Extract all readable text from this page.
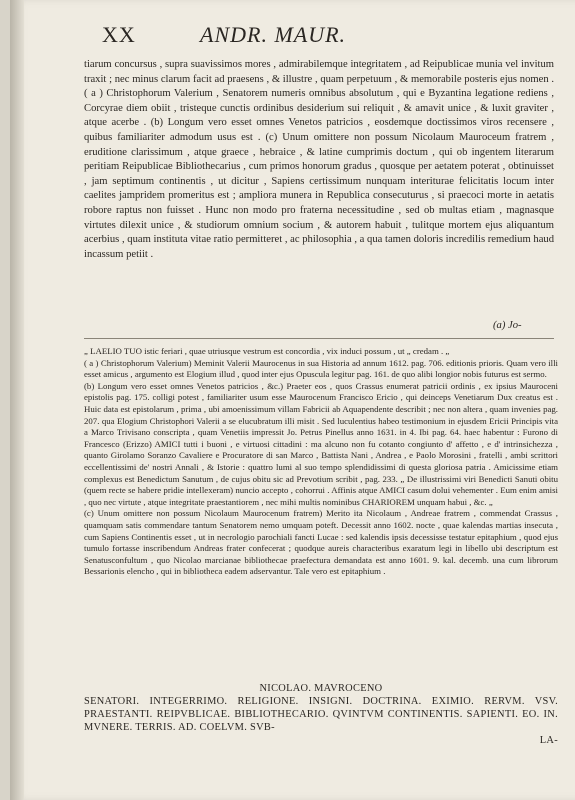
XX	ANDR. MAUR.

tiarum concursus , supra suavissimos mores , admirabilemque integritatem , ad Reipublicae munia vel invitum traxit ; nec minus clarum facit ad praesens , & illustre , quam perpetuum , & memorabile posteris ejus nomen . ( a ) Christophorum Valerium , Senatorem numeris omnibus absolutum , qui e Byzantina legatione rediens , Corcyrae diem obiit , tristeque cunctis ordinibus desiderium sui reliquit , & amavit unice , & luxit graviter , atque acerbe . (b) Longum vero esset omnes Venetos patricios , eosdemque doctissimos viros recensere , quibus familiariter admodum usus est . (c) Unum omittere non possum Nicolaum Mauroceum fratrem , eruditione clarissimum , atque graece , hebraice , & latine cumprimis doctum , qui ob ingentem literarum peritiam Reipublicae Bibliothecarius , cum primos honorum gradus , quosque per aetatem poterat , obtinuisset , jam septimum continentis , ut dicitur , Sapiens certissimum nunquam interiturae felicitatis locum inter caelites jampridem promeritus est ; ampliora munera in Republica consecuturus , si praecoci morte in aetatis robore raptus non fuisset . Hunc non modo pro fraterna necessitudine , sed ob multas etiam , magnasque virtutes dilexit unice , & studiorum omnium socium , & autorem habuit , tulitque mortem ejus aliquantum acerbius , quam instituta vitae ratio permitteret , ac philosophia , a qua tamen doloris incredilis remedium haud incassum petiit .

(a) Jo-

„ LAELIO TUO istic feriari , quae utriusque vestrum est concordia , vix induci possum , ut „ credam . „

( a ) Christophorum Valerium) Meminit Valerii Maurocenus in sua Historia ad annum 1612. pag. 706. editionis prioris. Quam vero illi esset amicus , argumento est Elogium illud , quod inter ejus Opuscula legitur pag. 161. de quo alibi longior nobis futurus est sermo.

(b) Longum vero esset omnes Venetos patricios , &c.) Praeter eos , quos Crassus enumerat patricii ordinis , ex ipsius Mauroceni epistolis pag. 175. colligi potest , familiariter usum esse Maurocenum Francisco Ericio , qui deinceps Venetiarum Dux creatus est . Huic data est epistolarum , prima , ubi amoenissimum villam Fabricii ab Aquapendente describit ; nec non altera , quam invenies pag. 207. qua Elogium Christophori Valerii a se elucubratum illi misit . Sed luculentius habeo testimonium in ejusdem Ericii Principis vita a Marco Trivisano conscripta , quam Venetiis impressit Jo. Petrus Pinellus anno 1631. in 4. Ibi pag. 64. haec habentur : Furono di Francesco (Erizzo) AMICI tutti i buoni , e virtuosi cittadini : ma alcuno non fu cotanto congiunto d' affetto , e d' intrinsichezza , quanto Girolamo Soranzo Cavaliere e Procuratore di san Marco , Battista Nani , Andrea , e Paolo Morosini , fratelli , ambi scrittori eccellentissimi de' nostri Annali , & Istorie : quattro lumi al suo tempo splendidissimi di questa gloriosa patria . Amicissime etiam complexus est Benedictum Sanutum , de cujus obitu sic ad Prevotium scribit , pag. 233. „ De illustrissimi viri Benedicti Sanuti obitu (quem recte se habere pridie intellexeram) nuncio accepto , cohorrui . Affinis atque AMICI casum dolui vehementer . Eum enim amisi , quo nec virtute , atque integritate praestantiorem , nec mihi multis nominibus CHARIOREM unquam habui , &c. „

(c) Unum omittere non possum Nicolaum Maurocenum fratrem) Merito ita Nicolaum , Andreae fratrem , commendat Crassus , quamquam satis commendare tantum Senatorem nemo umquam poteft. Decessit anno 1602. nocte , quae kalendas martias insecuta , cum Sapiens Continentis esset , ut in necrologio parochiali fancti Lucae : sed kalendis ipsis decessisse testatur epitaphium , quod ejus tumulo fortasse inscribendum Andreas frater confecerat ; quodque aureis characteribus exaratum legi in libello ubi descriptum est Senatusconfultum , quo Nicolao marcianae bibliothecae praefectura demandata est anno 1601. 9. kal. decemb. una cum librorum Bessarionis elencho , qui in bibliotheca eadem adservantur. Tale vero est epitaphium .

NICOLAO. MAVROCENO
SENATORI. INTEGERRIMO. RELIGIONE. INSIGNI. DOCTRINA. EXIMIO. RERVM. VSV. PRAESTANTI. REIPVBLICAE. BIBLIOTHECARIO. QVINTVM CONTINENTIS. SAPIENTI. EO. IN. MVNERE. TERRIS. AD. COELVM. SVB-
LA-
